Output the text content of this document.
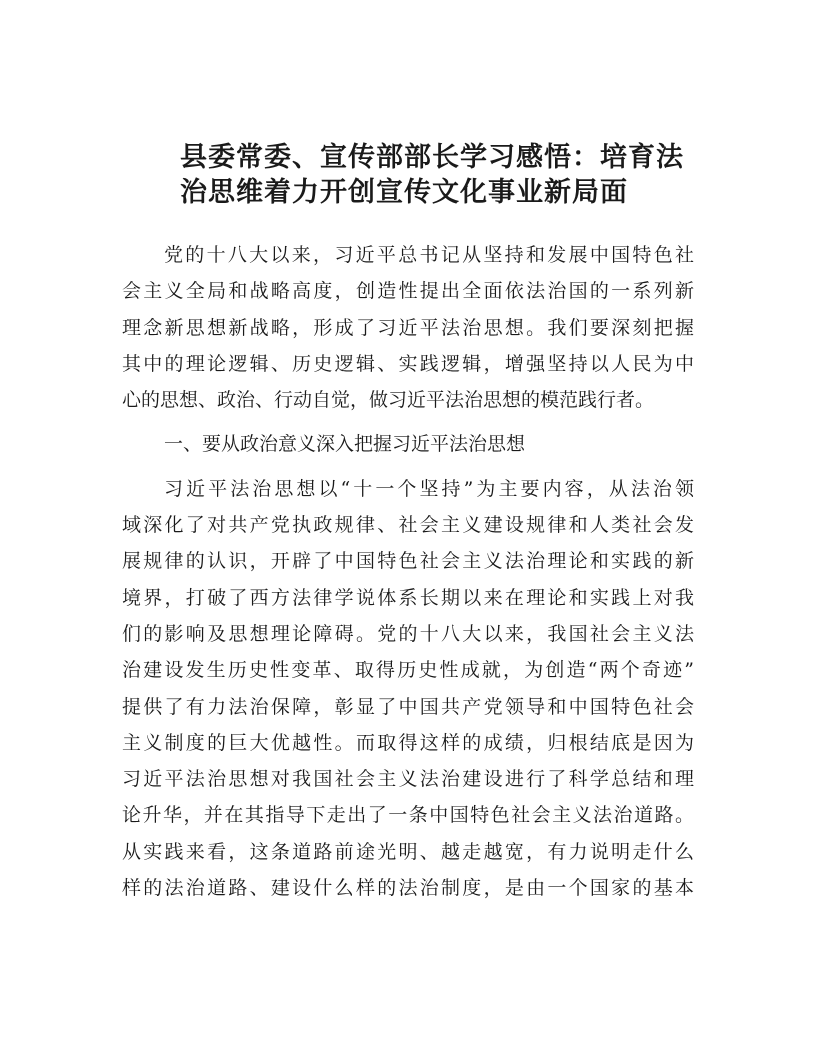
县委常委、宣传部部长学习感悟：培育法
治思维着力开创宣传文化事业新局面
党的十八大以来，习近平总书记从坚持和发展中国特色社
会主义全局和战略高度，创造性提出全面依法治国的一系列新
理念新思想新战略，形成了习近平法治思想。我们要深刻把握
其中的理论逻辑、历史逻辑、实践逻辑，增强坚持以人民为中
心的思想、政治、行动自觉，做习近平法治思想的模范践行者。
一、要从政治意义深入把握习近平法治思想
习近平法治思想以“十一个坚持”为主要内容，从法治领
域深化了对共产党执政规律、社会主义建设规律和人类社会发
展规律的认识，开辟了中国特色社会主义法治理论和实践的新
境界，打破了西方法律学说体系长期以来在理论和实践上对我
们的影响及思想理论障碍。党的十八大以来，我国社会主义法
治建设发生历史性变革、取得历史性成就，为创造“两个奇迹”
提供了有力法治保障，彰显了中国共产党领导和中国特色社会
主义制度的巨大优越性。而取得这样的成绩，归根结底是因为
习近平法治思想对我国社会主义法治建设进行了科学总结和理
论升华，并在其指导下走出了一条中国特色社会主义法治道路。
从实践来看，这条道路前途光明、越走越宽，有力说明走什么
样的法治道路、建设什么样的法治制度，是由一个国家的基本
